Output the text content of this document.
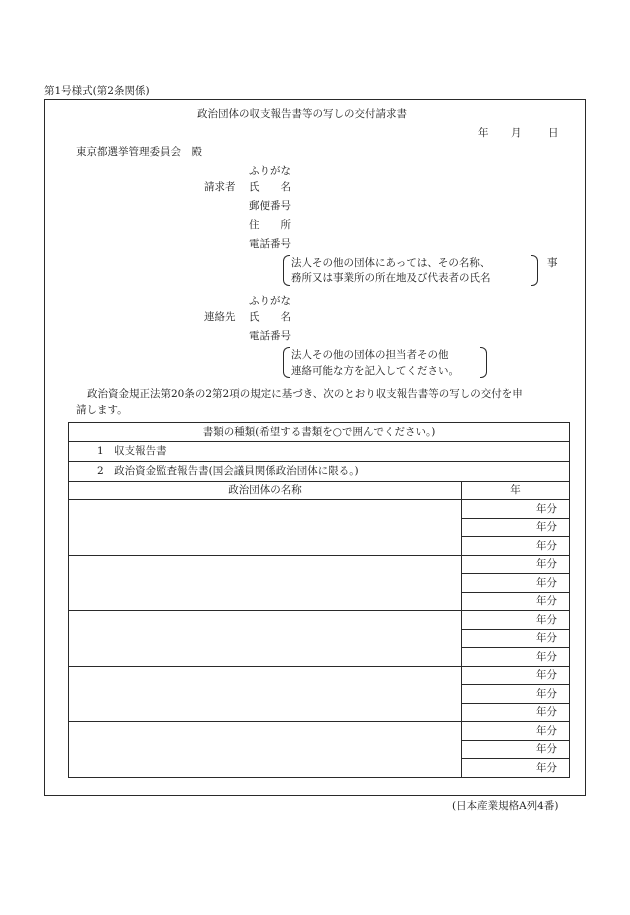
第1号様式(第2条関係)
政治団体の収支報告書等の写しの交付請求書
年 月	日
東京都選挙管理委員会　殿
ふりがな
請求者 氏　　名
郵便番号
住　　所
電話番号
法人その他の団体にあっては、その名称、
務所又は事業所の所在地及び代表者の氏名
事
ふりがな
連絡先 氏　　名
電話番号
法人その他の団体の担当者その他
連絡可能な方を記入してください。
政治資金規正法第20条の2第2項の規定に基づき、次のとおり収支報告書等の写しの交付を申
請します。
書類の種類(希望する書類を○で囲んでください。)	
1　収支報告書	
2　政治資金監査報告書(国会議員関係政治団体に限る。)	
政治団体の名称	年
	年分
	年分
	年分
	年分
	年分
	年分
	年分
	年分
	年分
	年分
	年分
	年分
	年分
	年分
	年分
(日本産業規格A列4番)
